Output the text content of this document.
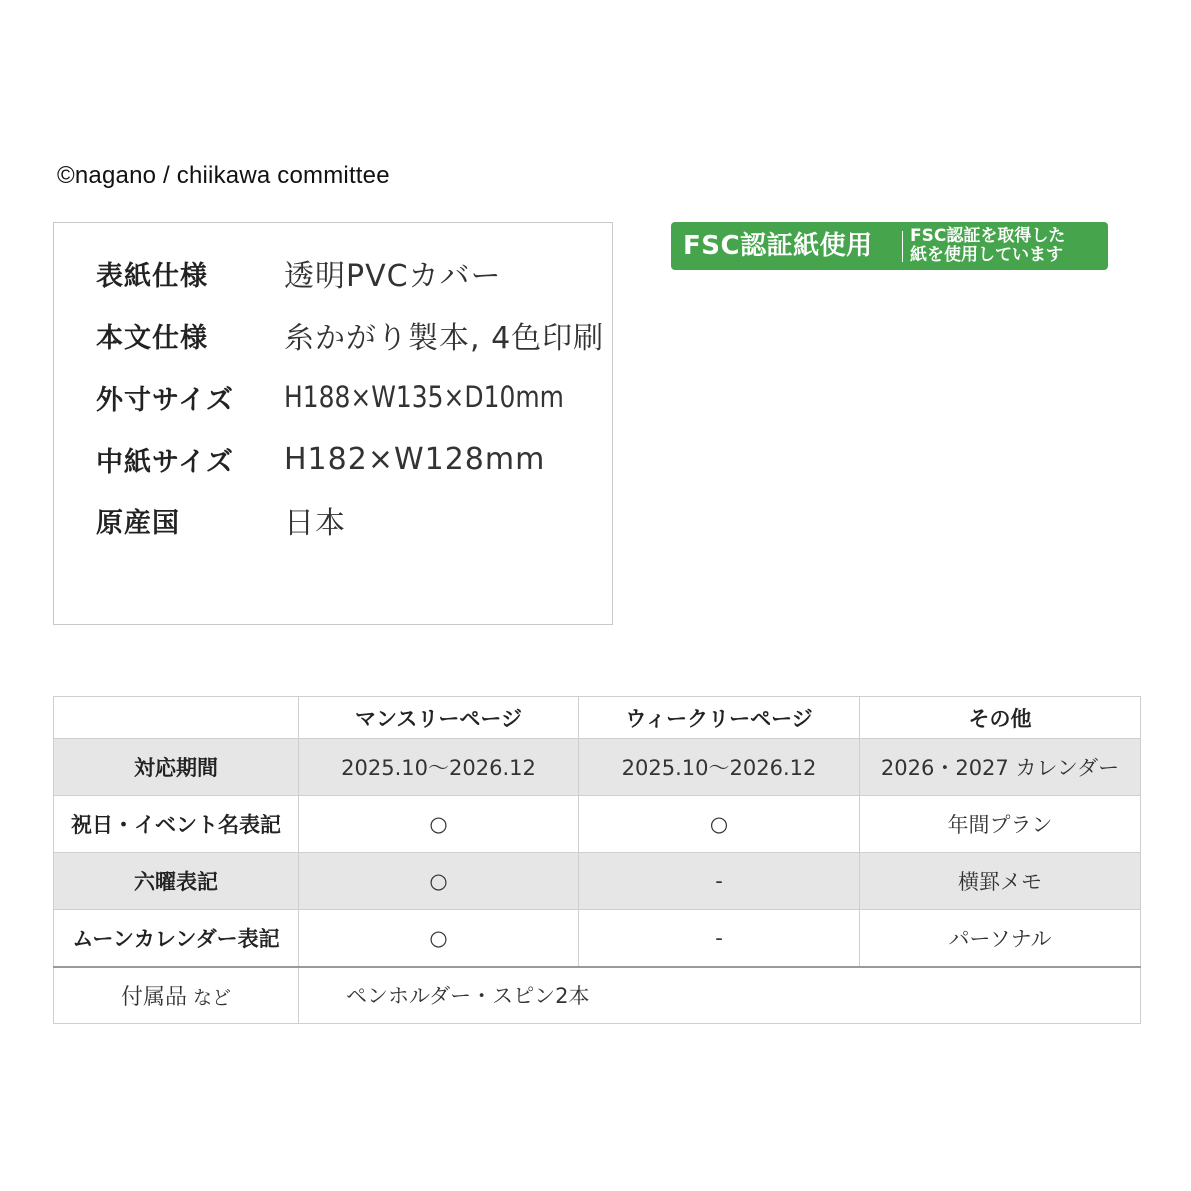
©nagano / chiikawa committee
表紙仕様	透明PVCカバー
本文仕様	糸かがり製本, 4色印刷
外寸サイズ	H188×W135×D10mm
中紙サイズ	H182×W128mm
原産国	日本
FSC認証紙使用 FSC認証を取得した
紙を使用しています
	マンスリーページ	ウィークリーページ	その他
対応期間	2025.10〜2026.12	2025.10〜2026.12	2026・2027 カレンダー
祝日・イベント名表記	○	○	年間プラン
六曜表記	○	-	横罫メモ
ムーンカレンダー表記	○	-	パーソナル
付属品 など	ペンホルダー・スピン2本		
